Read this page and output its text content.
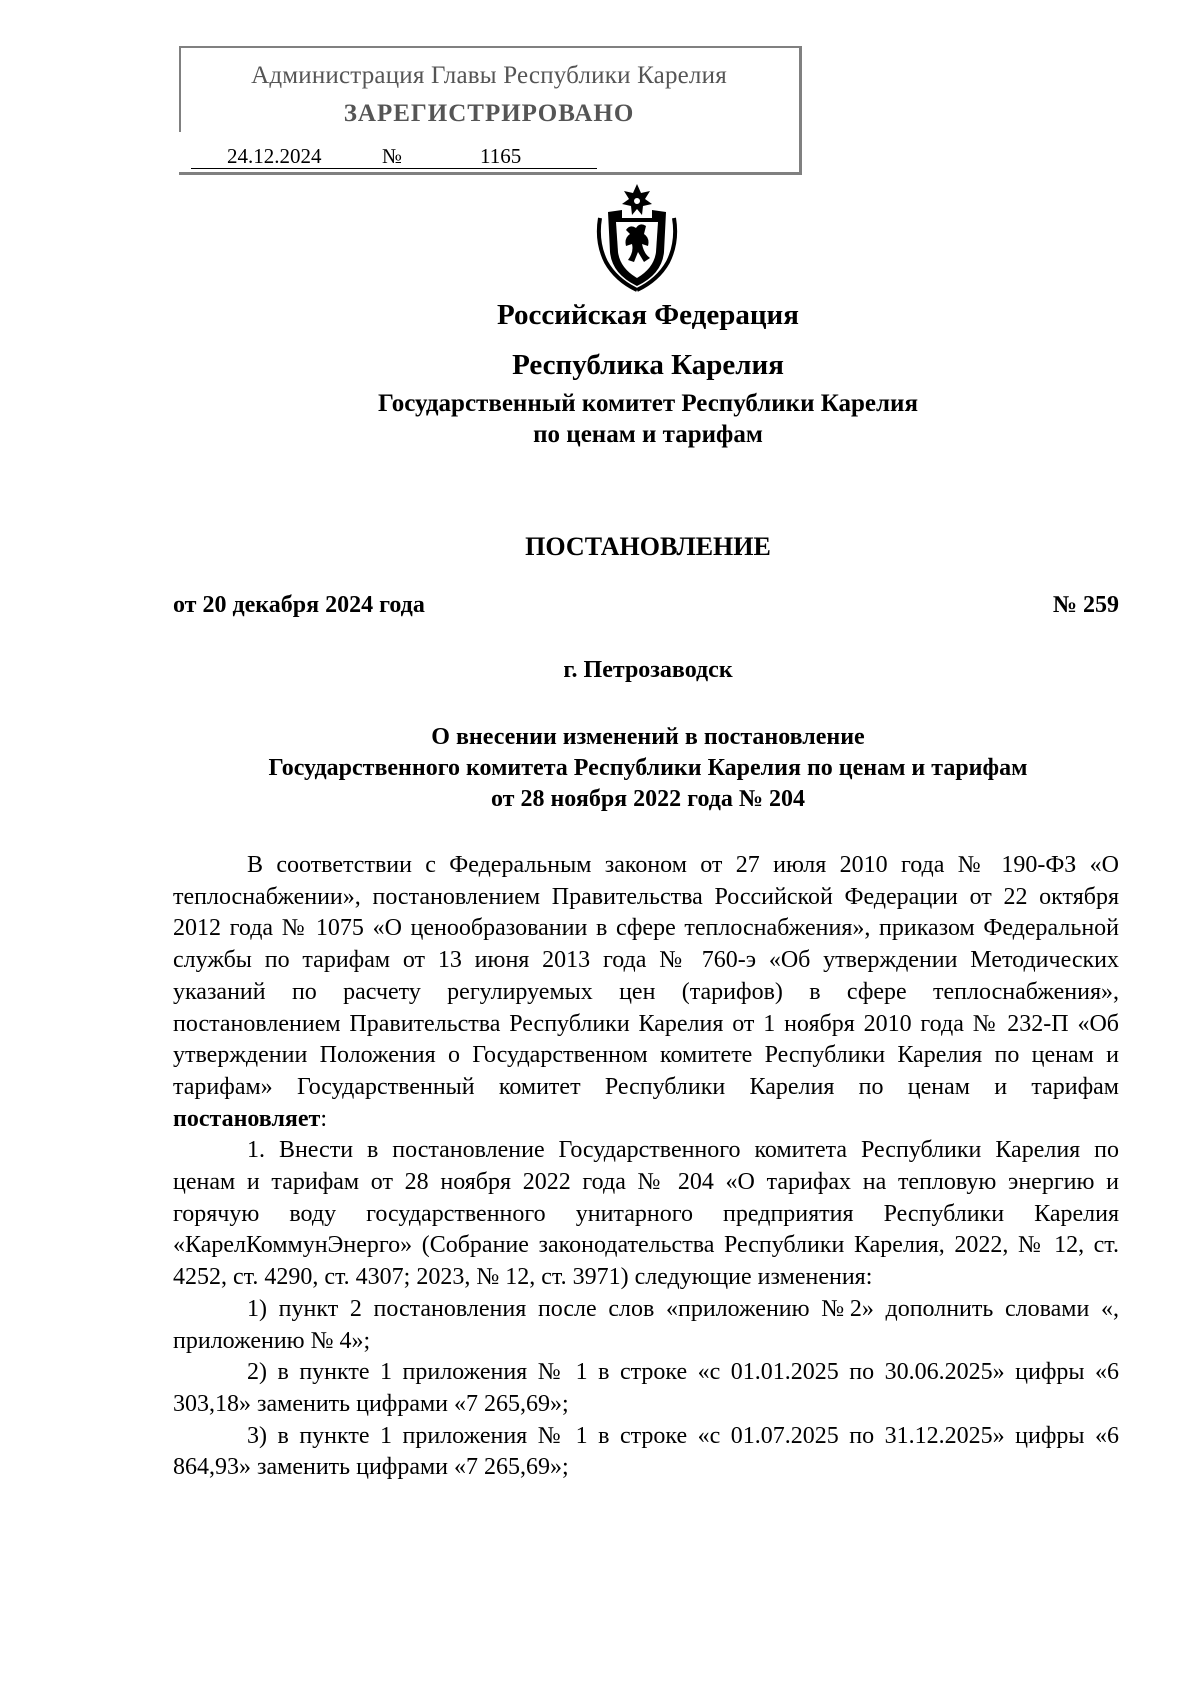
Администрация Главы Республики Карелия
ЗАРЕГИСТРИРОВАНО
24.12.2024	№	1165
Российская Федерация
Республика Карелия
Государственный комитет Республики Карелия
по ценам и тарифам
ПОСТАНОВЛЕНИЕ
от 20 декабря 2024 года	№ 259
г. Петрозаводск
О внесении изменений в постановление
Государственного комитета Республики Карелия по ценам и тарифам
от 28 ноября 2022 года № 204

В соответствии с Федеральным законом от 27 июля 2010 года № 190-ФЗ «О теплоснабжении», постановлением Правительства Российской Федерации от 22 октября 2012 года № 1075 «О ценообразовании в сфере теплоснабжения», приказом Федеральной службы по тарифам от 13 июня 2013 года № 760-э «Об утверждении Методических указаний по расчету регулируемых цен (тарифов) в сфере теплоснабжения», постановлением Правительства Республики Карелия от 1 ноября 2010 года № 232-П «Об утверждении Положения о Государственном комитете Республики Карелия по ценам и тарифам» Государственный комитет Республики Карелия по ценам и тарифам постановляет:

1. Внести в постановление Государственного комитета Республики Карелия по ценам и тарифам от 28 ноября 2022 года № 204 «О тарифах на тепловую энергию и горячую воду государственного унитарного предприятия Республики Карелия «КарелКоммунЭнерго» (Собрание законодательства Республики Карелия, 2022, № 12, ст. 4252, ст. 4290, ст. 4307; 2023, № 12, ст. 3971) следующие изменения:

1) пункт 2 постановления после слов «приложению №2» дополнить словами «, приложению № 4»;

2) в пункте 1 приложения № 1 в строке «с 01.01.2025 по 30.06.2025» цифры «6 303,18» заменить цифрами «7 265,69»;

3) в пункте 1 приложения № 1 в строке «с 01.07.2025 по 31.12.2025» цифры «6 864,93» заменить цифрами «7 265,69»;
